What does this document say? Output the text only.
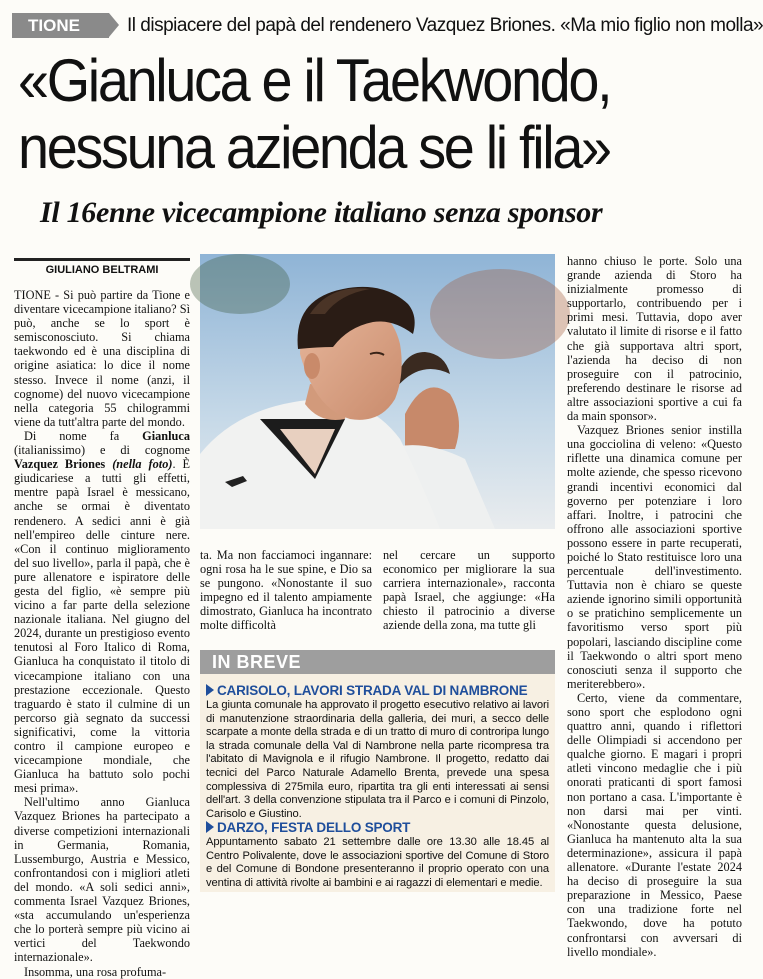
TIONE	Il dispiacere del papà del rendenero Vazquez Briones. «Ma mio figlio non molla»
«Gianluca e il Taekwondo,
nessuna azienda se li fila»
Il 16enne vicecampione italiano senza sponsor
GIULIANO BELTRAMI

TIONE - Si può partire da Tione e diventare vicecampione italiano? Sì può, anche se lo sport è semisconosciuto. Si chiama taekwondo ed è una disciplina di origine asiatica: lo dice il nome stesso. Invece il nome (anzi, il cognome) del nuovo vicecampione nella categoria 55 chilogrammi viene da tutt'altra parte del mondo.

Di nome fa Gianluca (italianissimo) e di cognome Vazquez Briones (nella foto). È giudicariese a tutti gli effetti, mentre papà Israel è messicano, anche se ormai è diventato rendenero. A sedici anni è già nell'empireo delle cinture nere. «Con il continuo miglioramento del suo livello», parla il papà, che è pure allenatore e ispiratore delle gesta del figlio, «è sempre più vicino a far parte della selezione nazionale italiana. Nel giugno del 2024, durante un prestigioso evento tenutosi al Foro Italico di Roma, Gianluca ha conquistato il titolo di vicecampione italiano con una prestazione eccezionale. Questo traguardo è stato il culmine di un percorso già segnato da successi significativi, come la vittoria contro il campione europeo e vicecampione mondiale, che Gianluca ha battuto solo pochi mesi prima».

Nell'ultimo anno Gianluca Vazquez Briones ha partecipato a diverse competizioni internazionali in Germania, Romania, Lussemburgo, Austria e Messico, confrontandosi con i migliori atleti del mondo. «A soli sedici anni», commenta Israel Vazquez Briones, «sta accumulando un'esperienza che lo porterà sempre più vicino ai vertici del Taekwondo internazionale».

Insomma, una rosa profuma-

ta. Ma non facciamoci ingannare: ogni rosa ha le sue spine, e Dio sa se pungono. «Nonostante il suo impegno ed il talento ampiamente dimostrato, Gianluca ha incontrato molte difficoltà

nel cercare un supporto economico per migliorare la sua carriera internazionale», racconta papà Israel, che aggiunge: «Ha chiesto il patrocinio a diverse aziende della zona, ma tutte gli

hanno chiuso le porte. Solo una grande azienda di Storo ha inizialmente promesso di supportarlo, contribuendo per i primi mesi. Tuttavia, dopo aver valutato il limite di risorse e il fatto che già supportava altri sport, l'azienda ha deciso di non proseguire con il patrocinio, preferendo destinare le risorse ad altre associazioni sportive a cui fa da main sponsor».

Vazquez Briones senior instilla una gocciolina di veleno: «Questo riflette una dinamica comune per molte aziende, che spesso ricevono grandi incentivi economici dal governo per potenziare i loro affari. Inoltre, i patrocini che offrono alle associazioni sportive possono essere in parte recuperati, poiché lo Stato restituisce loro una percentuale dell'investimento. Tuttavia non è chiaro se queste aziende ignorino simili opportunità o se pratichino semplicemente un favoritismo verso sport più popolari, lasciando discipline come il Taekwondo o altri sport meno conosciuti senza il supporto che meriterebbero».

Certo, viene da commentare, sono sport che esplodono ogni quattro anni, quando i riflettori delle Olimpiadi si accendono per qualche giorno. E magari i propri atleti vincono medaglie che i più onorati praticanti di sport famosi non portano a casa. L'importante è non darsi mai per vinti. «Nonostante questa delusione, Gianluca ha mantenuto alta la sua determinazione», assicura il papà allenatore. «Durante l'estate 2024 ha deciso di proseguire la sua preparazione in Messico, Paese con una tradizione forte nel Taekwondo, dove ha potuto confrontarsi con avversari di livello mondiale».

IN BREVE
CARISOLO, LAVORI STRADA VAL DI NAMBRONE
La giunta comunale ha approvato il progetto esecutivo relativo ai lavori di manutenzione straordinaria della galleria, dei muri, a secco delle scarpate a monte della strada e di un tratto di muro di controripa lungo la strada comunale della Val di Nambrone nella parte ricompresa tra l'abitato di Mavignola e il rifugio Nambrone. Il progetto, redatto dai tecnici del Parco Naturale Adamello Brenta, prevede una spesa complessiva di 275mila euro, ripartita tra gli enti interessati ai sensi dell'art. 3 della convenzione stipulata tra il Parco e i comuni di Pinzolo, Carisolo e Giustino.
DARZO, FESTA DELLO SPORT
Appuntamento sabato 21 settembre dalle ore 13.30 alle 18.45 al Centro Polivalente, dove le associazioni sportive del Comune di Storo e del Comune di Bondone presenteranno il proprio operato con una ventina di attività rivolte ai bambini e ai ragazzi di elementari e medie.
